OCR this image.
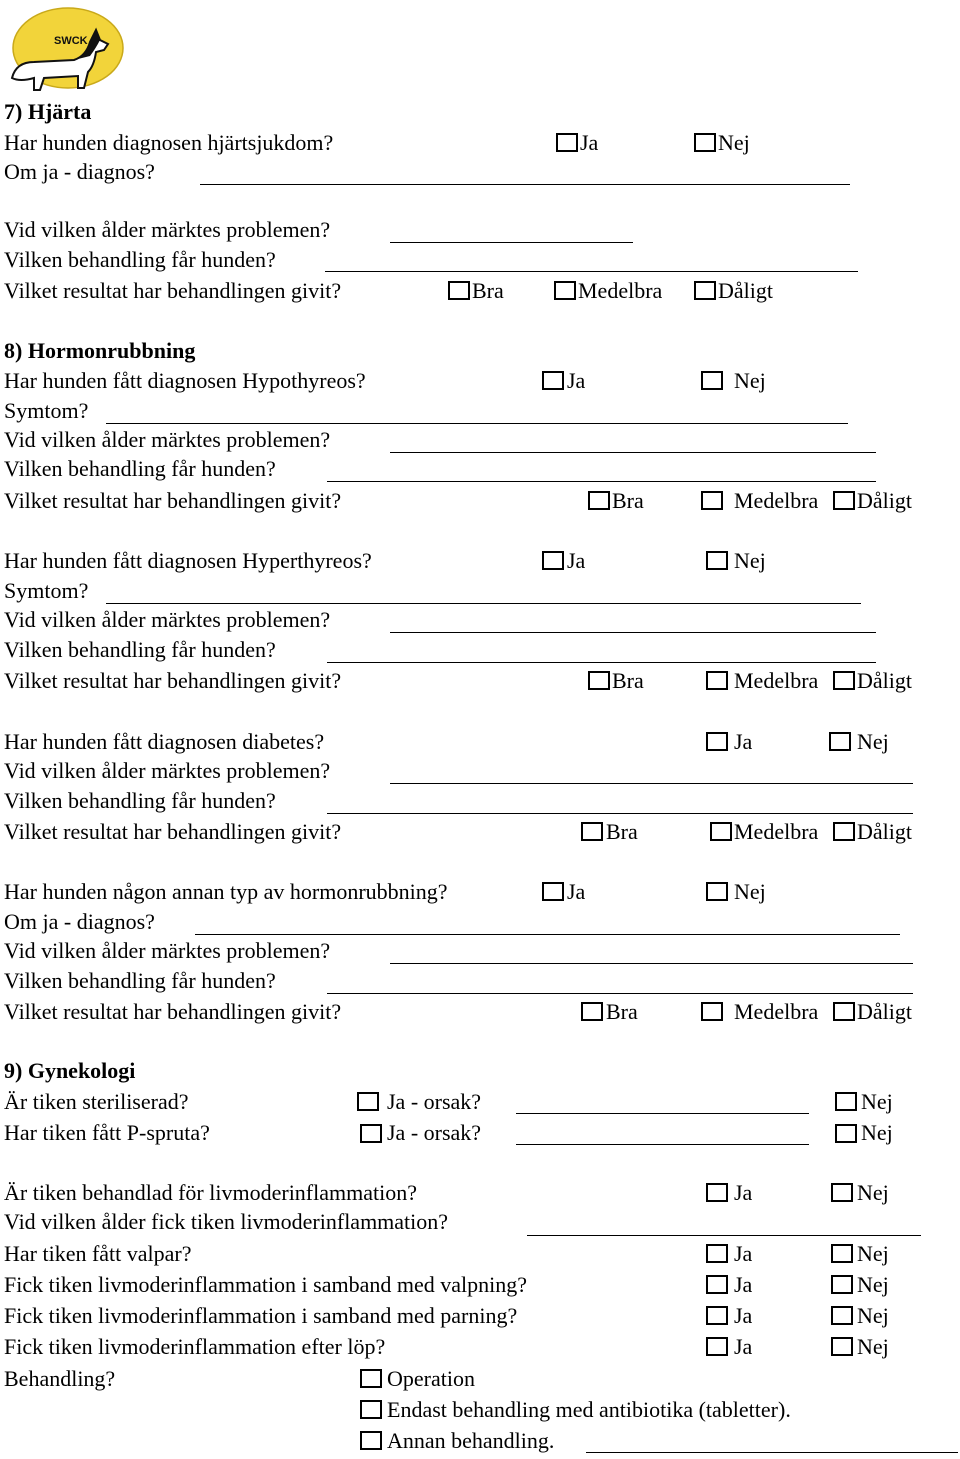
SWCK
7) Hjärta
Har hunden diagnosen hjärtsjukdom?	Ja	Nej
Om ja - diagnos?
Vid vilken ålder märktes problemen?
Vilken behandling får hunden?
Vilket resultat har behandlingen givit?	Bra	Medelbra	Dåligt
8) Hormonrubbning
Har hunden fått diagnosen Hypothyreos?	Ja	Nej
Symtom?
Vid vilken ålder märktes problemen?
Vilken behandling får hunden?
Vilket resultat har behandlingen givit?	Bra	Medelbra Dåligt
Har hunden fått diagnosen Hyperthyreos?	Ja	Nej
Symtom?
Vid vilken ålder märktes problemen?
Vilken behandling får hunden?
Vilket resultat har behandlingen givit?	Bra	Medelbra Dåligt
Har hunden fått diagnosen diabetes?	Ja	Nej
Vid vilken ålder märktes problemen?
Vilken behandling får hunden?
Vilket resultat har behandlingen givit?	Bra	Medelbra Dåligt
Har hunden någon annan typ av hormonrubbning?	Ja	Nej
Om ja - diagnos?
Vid vilken ålder märktes problemen?
Vilken behandling får hunden?
Vilket resultat har behandlingen givit?	Bra	Medelbra Dåligt
9) Gynekologi
Är tiken steriliserad?	Ja - orsak?	Nej
Har tiken fått P-spruta?	Ja - orsak?	Nej
Är tiken behandlad för livmoderinflammation?	Ja	Nej
Vid vilken ålder fick tiken livmoderinflammation?
Har tiken fått valpar?	Ja	Nej
Fick tiken livmoderinflammation i samband med valpning?	Ja	Nej
Fick tiken livmoderinflammation i samband med parning?	Ja	Nej
Fick tiken livmoderinflammation efter löp?	Ja	Nej
Behandling?	Operation
Endast behandling med antibiotika (tabletter).
Annan behandling.
